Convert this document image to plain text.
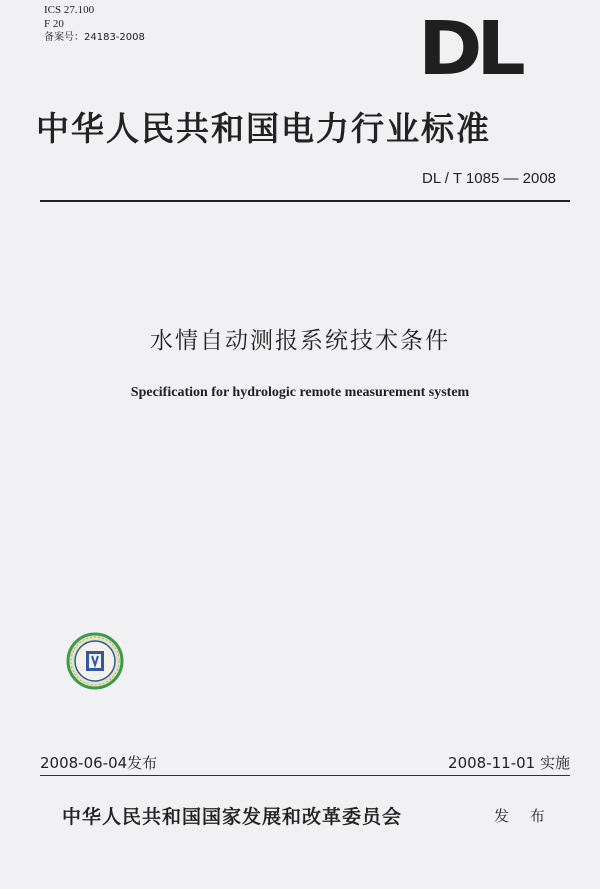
ICS 27.100
F 20
备案号：24183-2008	DL
中华人民共和国电力行业标准
DL / T 1085 — 2008
水情自动测报系统技术条件
Specification for hydrologic remote measurement system
2008-06-04发布	2008-11-01 实施
中华人民共和国国家发展和改革委员会	发 布
